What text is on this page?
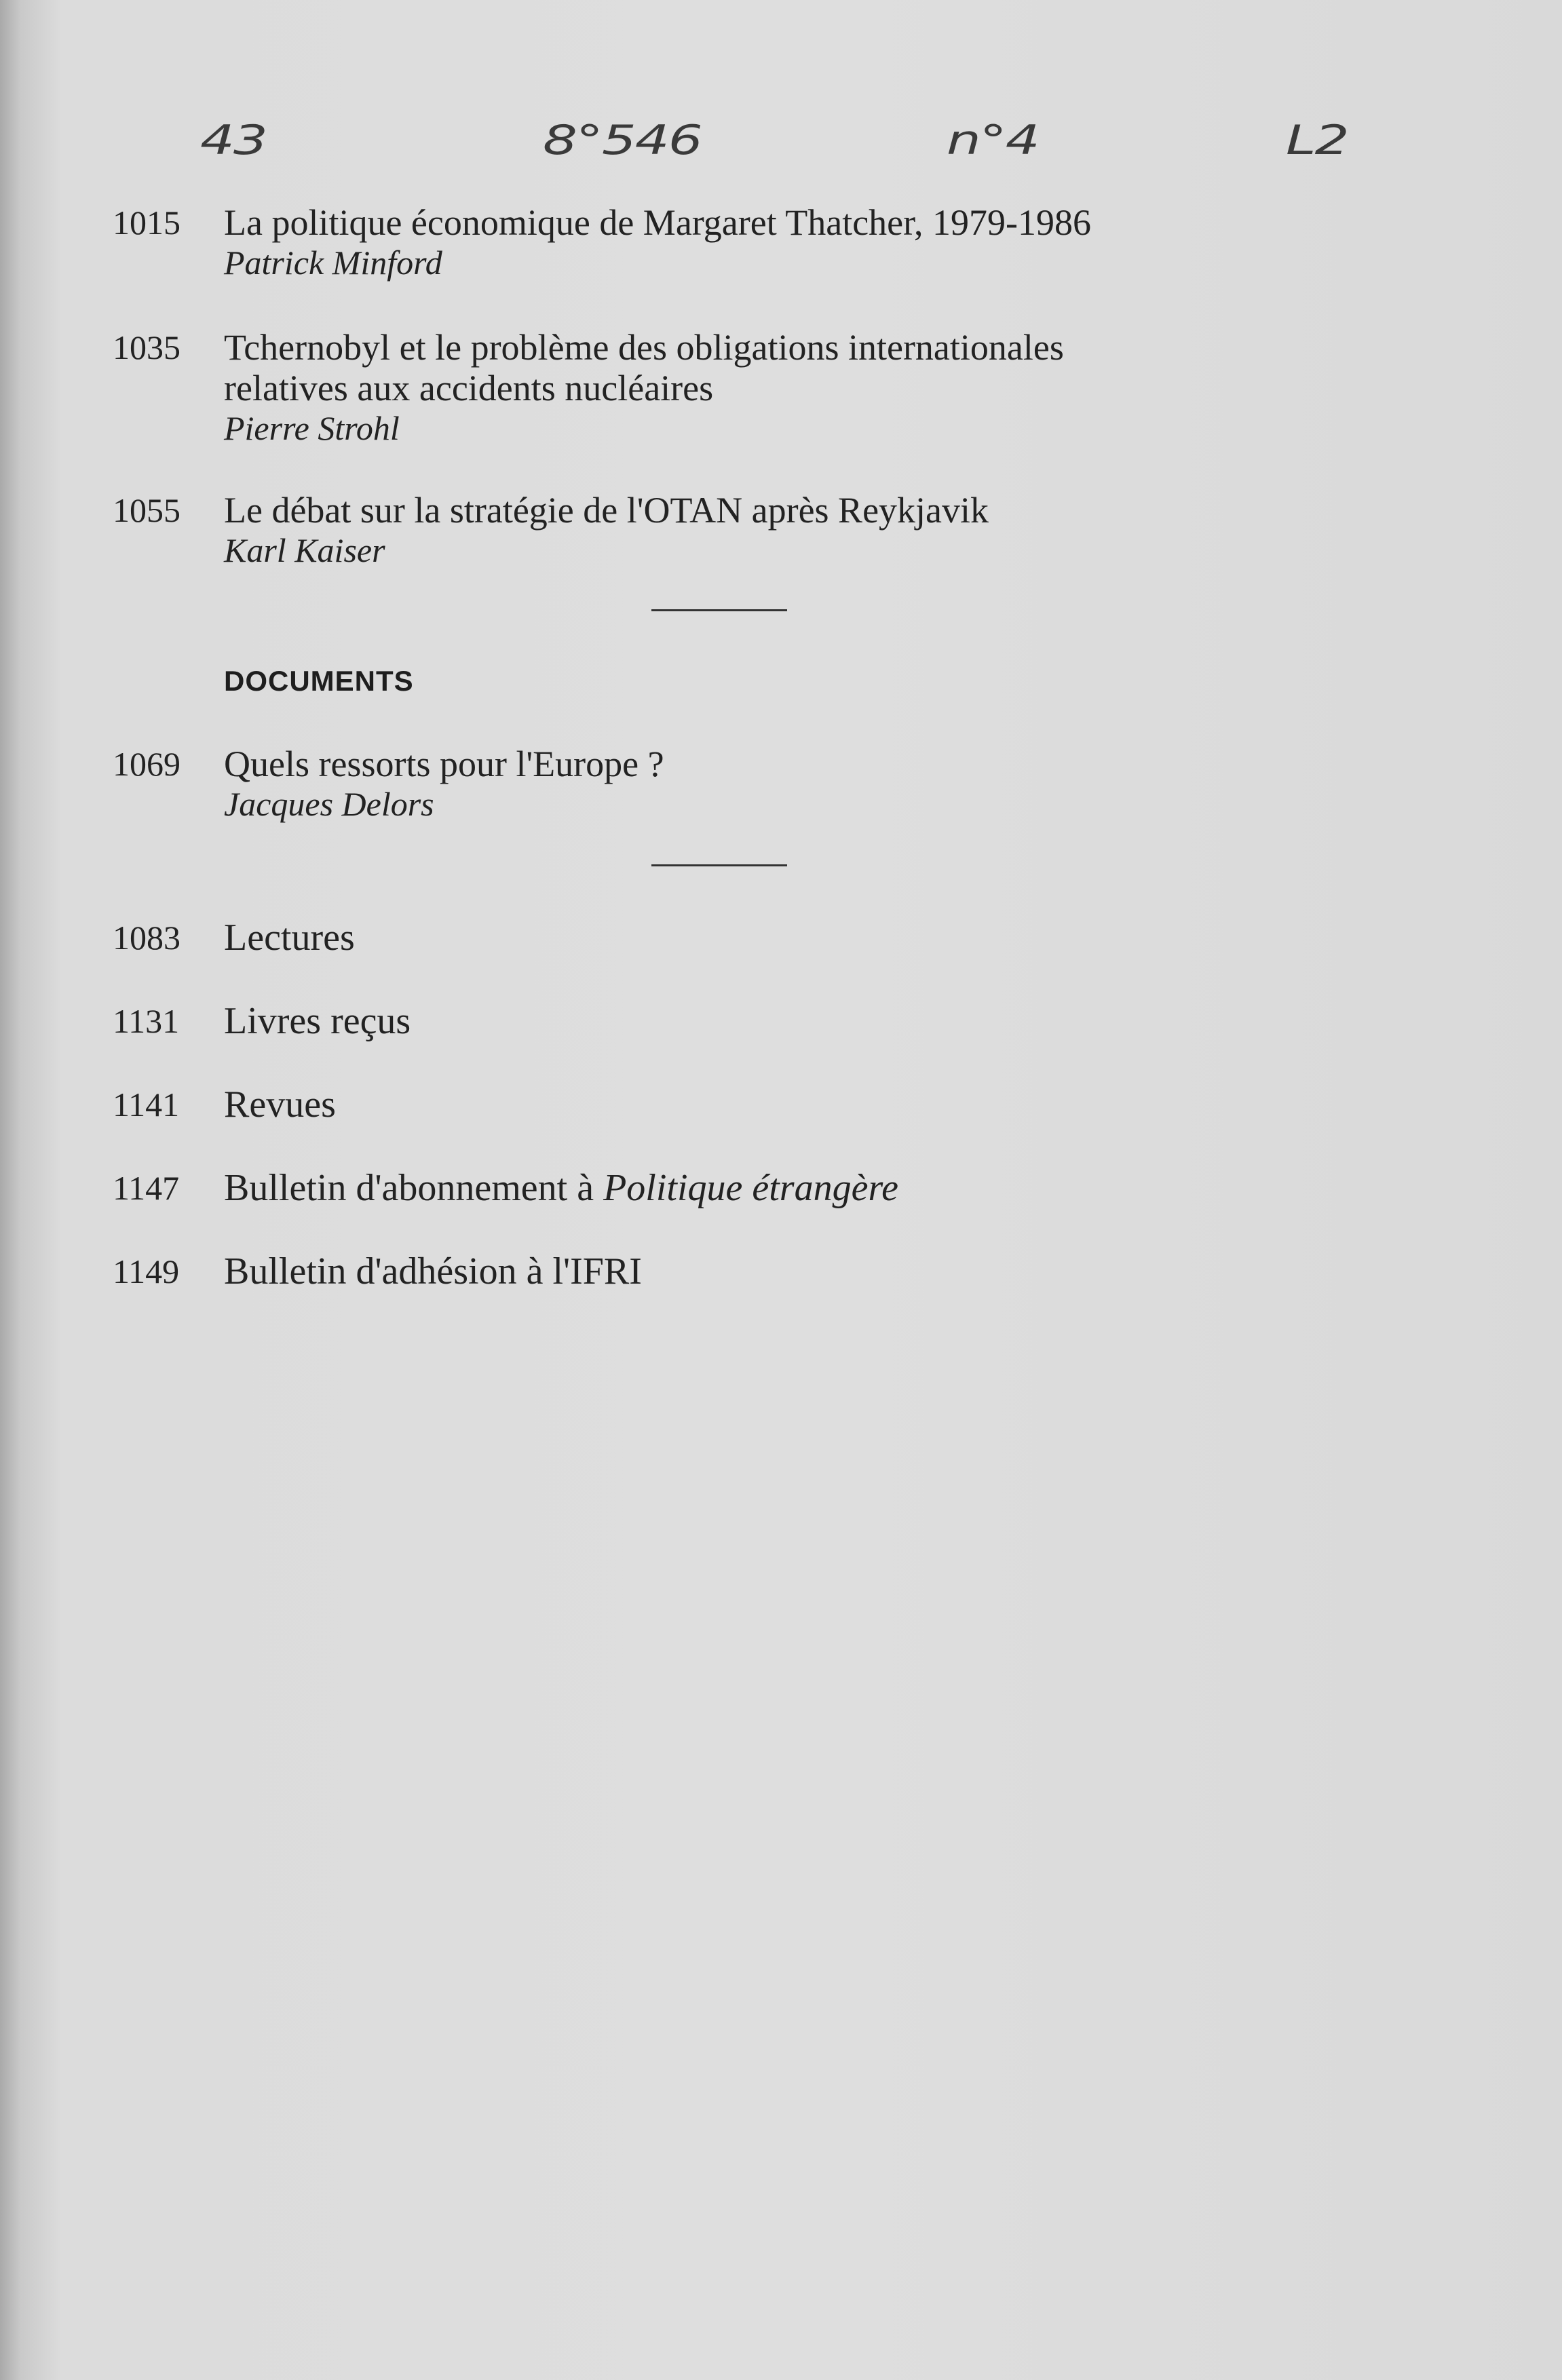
43	8°546	n°4	L2
1015 La politique économique de Margaret Thatcher, 1979-1986
Patrick Minford
1035 Tchernobyl et le problème des obligations internationales
relatives aux accidents nucléaires
Pierre Strohl
1055 Le débat sur la stratégie de l'OTAN après Reykjavik
Karl Kaiser
DOCUMENTS
1069 Quels ressorts pour l'Europe ?
Jacques Delors
1083 Lectures
1131 Livres reçus
1141 Revues
1147 Bulletin d'abonnement à Politique étrangère
1149 Bulletin d'adhésion à l'IFRI
